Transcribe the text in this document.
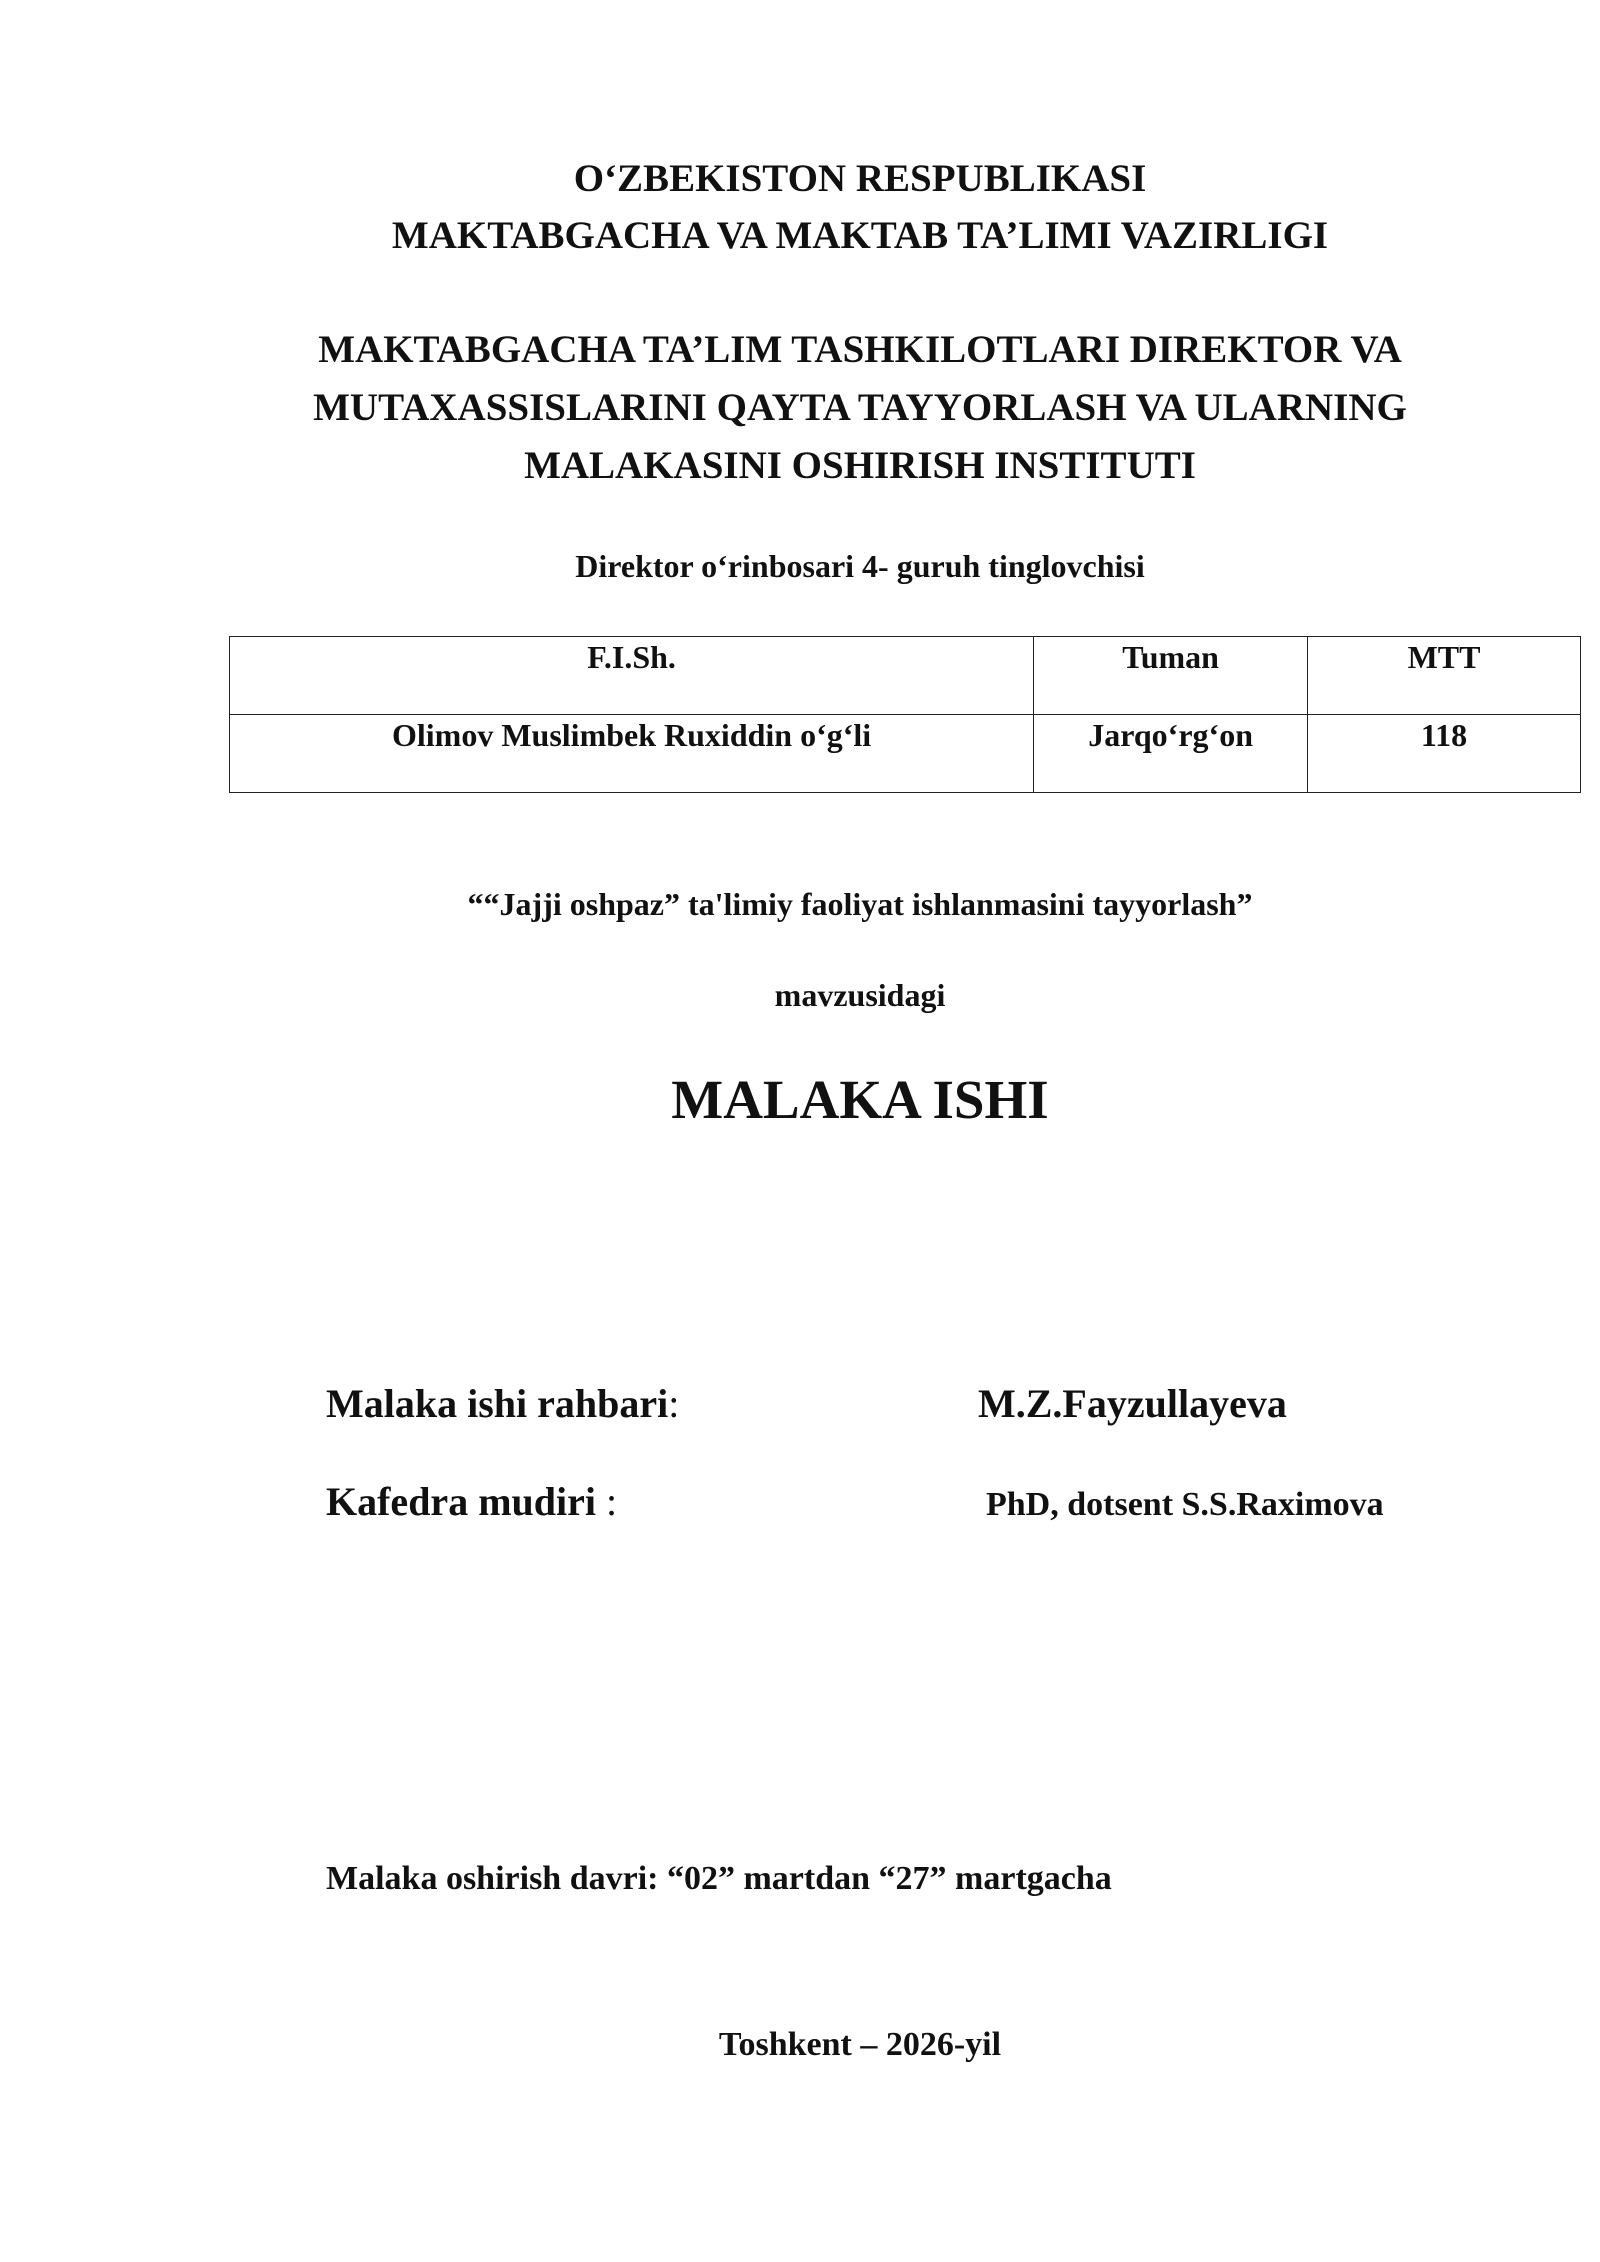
O‘ZBEKISTON RESPUBLIKASI
MAKTABGACHA VA MAKTAB TA’LIMI VAZIRLIGI
MAKTABGACHA TA’LIM TASHKILOTLARI DIREKTOR VA
MUTAXASSISLARINI QAYTA TAYYORLASH VA ULARNING
MALAKASINI OSHIRISH INSTITUTI
Direktor o‘rinbosari 4- guruh tinglovchisi
F.I.Sh.	Tuman	MTT
Olimov Muslimbek Ruxiddin o‘g‘li	Jarqo‘rg‘on	118
““Jajji oshpaz” ta'limiy faoliyat ishlanmasini tayyorlash”
mavzusidagi
MALAKA ISHI
Malaka ishi rahbari:	M.Z.Fayzullayeva
Kafedra mudiri :	PhD, dotsent S.S.Raximova
Malaka oshirish davri: “02” martdan “27” martgacha
Toshkent – 2026-yil
